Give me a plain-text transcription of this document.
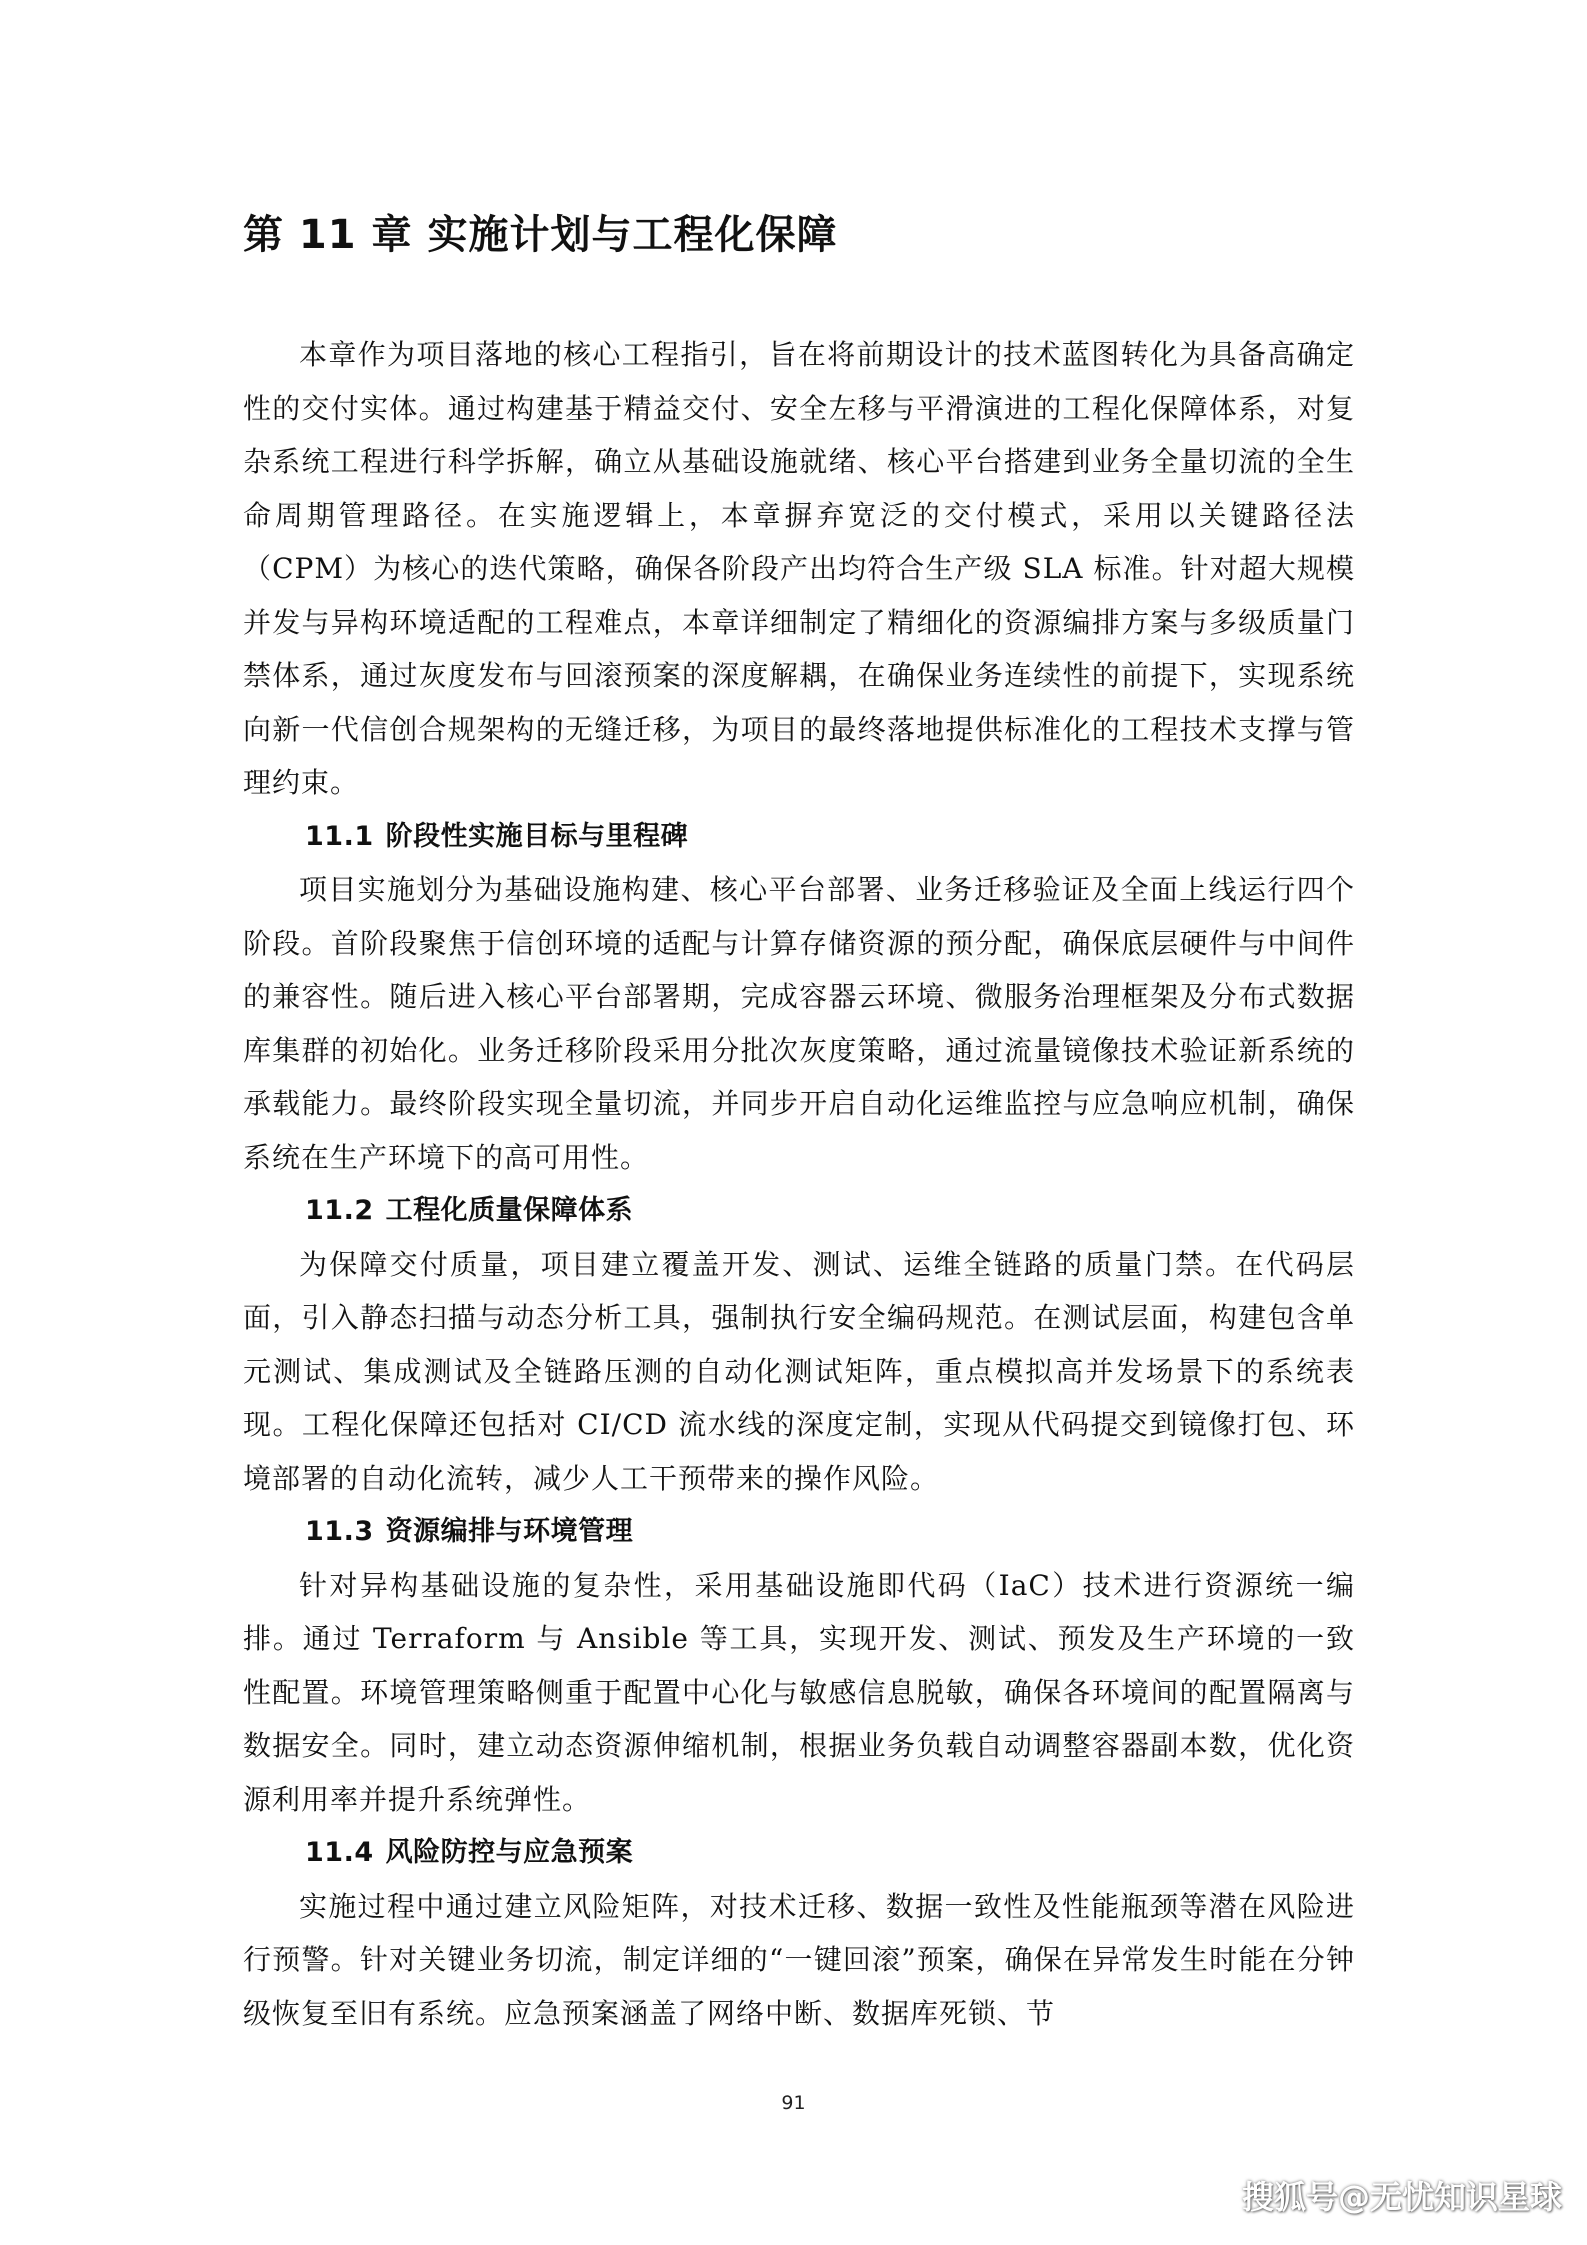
第 11 章 实施计划与工程化保障

本章作为项目落地的核心工程指引，旨在将前期设计的技术蓝图转化为具备高确定性的交付实体。通过构建基于精益交付、安全左移与平滑演进的工程化保障体系，对复杂系统工程进行科学拆解，确立从基础设施就绪、核心平台搭建到业务全量切流的全生命周期管理路径。在实施逻辑上，本章摒弃宽泛的交付模式，采用以关键路径法（CPM）为核心的迭代策略，确保各阶段产出均符合生产级 SLA 标准。针对超大规模并发与异构环境适配的工程难点，本章详细制定了精细化的资源编排方案与多级质量门禁体系，通过灰度发布与回滚预案的深度解耦，在确保业务连续性的前提下，实现系统向新一代信创合规架构的无缝迁移，为项目的最终落地提供标准化的工程技术支撑与管理约束。

11.1 阶段性实施目标与里程碑

项目实施划分为基础设施构建、核心平台部署、业务迁移验证及全面上线运行四个阶段。首阶段聚焦于信创环境的适配与计算存储资源的预分配，确保底层硬件与中间件的兼容性。随后进入核心平台部署期，完成容器云环境、微服务治理框架及分布式数据库集群的初始化。业务迁移阶段采用分批次灰度策略，通过流量镜像技术验证新系统的承载能力。最终阶段实现全量切流，并同步开启自动化运维监控与应急响应机制，确保系统在生产环境下的高可用性。

11.2 工程化质量保障体系

为保障交付质量，项目建立覆盖开发、测试、运维全链路的质量门禁。在代码层面，引入静态扫描与动态分析工具，强制执行安全编码规范。在测试层面，构建包含单元测试、集成测试及全链路压测的自动化测试矩阵，重点模拟高并发场景下的系统表现。工程化保障还包括对 CI/CD 流水线的深度定制，实现从代码提交到镜像打包、环境部署的自动化流转，减少人工干预带来的操作风险。

11.3 资源编排与环境管理

针对异构基础设施的复杂性，采用基础设施即代码（IaC）技术进行资源统一编排。通过 Terraform 与 Ansible 等工具，实现开发、测试、预发及生产环境的一致性配置。环境管理策略侧重于配置中心化与敏感信息脱敏，确保各环境间的配置隔离与数据安全。同时，建立动态资源伸缩机制，根据业务负载自动调整容器副本数，优化资源利用率并提升系统弹性。

11.4 风险防控与应急预案

实施过程中通过建立风险矩阵，对技术迁移、数据一致性及性能瓶颈等潜在风险进行预警。针对关键业务切流，制定详细的“一键回滚”预案，确保在异常发生时能在分钟级恢复至旧有系统。应急预案涵盖了网络中断、数据库死锁、节

91
搜狐号@无忧知识星球
